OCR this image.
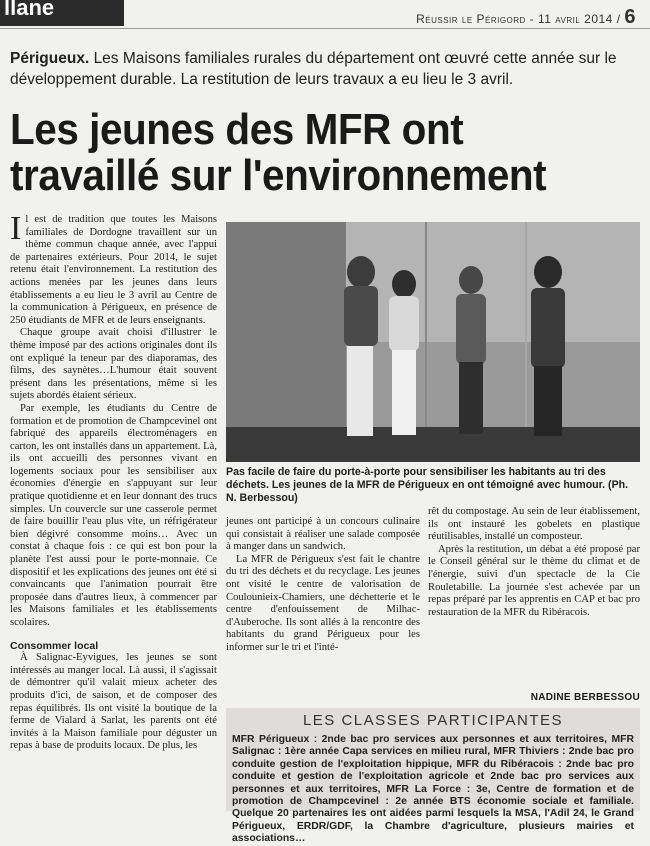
llane	Réussir le Périgord - 11 avril 2014 / 6
Périgueux. Les Maisons familiales rurales du département ont œuvré cette année sur le développement durable. La restitution de leurs travaux a eu lieu le 3 avril.
Les jeunes des MFR ont
travaillé sur l'environnement

Il est de tradition que toutes les Maisons familiales de Dordogne travaillent sur un thème commun chaque année, avec l'appui de partenaires extérieurs. Pour 2014, le sujet retenu était l'environnement. La restitution des actions menées par les jeunes dans leurs établissements a eu lieu le 3 avril au Centre de la communication à Périgueux, en présence de 250 étudiants de MFR et de leurs enseignants.

Chaque groupe avait choisi d'illustrer le thème imposé par des actions originales dont ils ont expliqué la teneur par des diaporamas, des films, des saynètes…L'humour était souvent présent dans les présentations, même si les sujets abordés étaient sérieux.

Par exemple, les étudiants du Centre de formation et de promotion de Champcevinel ont fabriqué des appareils électroménagers en carton, les ont installés dans un appartement. Là, ils ont accueilli des personnes vivant en logements sociaux pour les sensibiliser aux économies d'énergie en s'appuyant sur leur pratique quotidienne et en leur donnant des trucs simples. Un couvercle sur une casserole permet de faire bouillir l'eau plus vite, un réfrigérateur bien dégivré consomme moins… Avec un constat à chaque fois : ce qui est bon pour la planète l'est aussi pour le porte-monnaie. Ce dispositif et les explications des jeunes ont été si convaincants que l'animation pourrait être proposée dans d'autres lieux, à commencer par les Maisons familiales et les établissements scolaires.

Consommer local

À Salignac-Eyvigues, les jeunes se sont intéressés au manger local. Là aussi, il s'agissait de démontrer qu'il valait mieux acheter des produits d'ici, de saison, et de composer des repas équilibrés. Ils ont visité la boutique de la ferme de Vialard à Sarlat, les parents ont été invités à la Maison familiale pour déguster un repas à base de produits locaux. De plus, les

Pas facile de faire du porte-à-porte pour sensibiliser les habitants au tri des déchets. Les jeunes de la MFR de Périgueux en ont témoigné avec humour. (Ph. N. Berbessou)

jeunes ont participé à un concours culinaire qui consistait à réaliser une salade composée à manger dans un sandwich.

La MFR de Périgueux s'est fait le chantre du tri des déchets et du recyclage. Les jeunes ont visité le centre de valorisation de Coulounieix-Chamiers, une déchetterie et le centre d'enfouissement de Milhac-d'Auberoche. Ils sont allés à la rencontre des habitants du grand Périgueux pour les informer sur le tri et l'inté-

rêt du compostage. Au sein de leur établissement, ils ont instauré les gobelets en plastique réutilisables, installé un composteur.

Après la restitution, un débat a été proposé par le Conseil général sur le thème du climat et de l'énergie, suivi d'un spectacle de la Cie Rouletabille. La journée s'est achevée par un repas préparé par les apprentis en CAP et bac pro restauration de la MFR du Ribéracois.

NADINE BERBESSOU
LES CLASSES PARTICIPANTES
MFR Périgueux : 2nde bac pro services aux personnes et aux territoires, MFR Salignac : 1ère année Capa services en milieu rural, MFR Thiviers : 2nde bac pro conduite gestion de l'exploitation hippique, MFR du Ribéracois : 2nde bac pro conduite et gestion de l'exploitation agricole et 2nde bac pro services aux personnes et aux territoires, MFR La Force : 3e, Centre de formation et de promotion de Champcevinel : 2e année BTS économie sociale et familiale. Quelque 20 partenaires les ont aidées parmi lesquels la MSA, l'Adil 24, le Grand Périgueux, ERDR/GDF, la Chambre d'agriculture, plusieurs mairies et associations…
